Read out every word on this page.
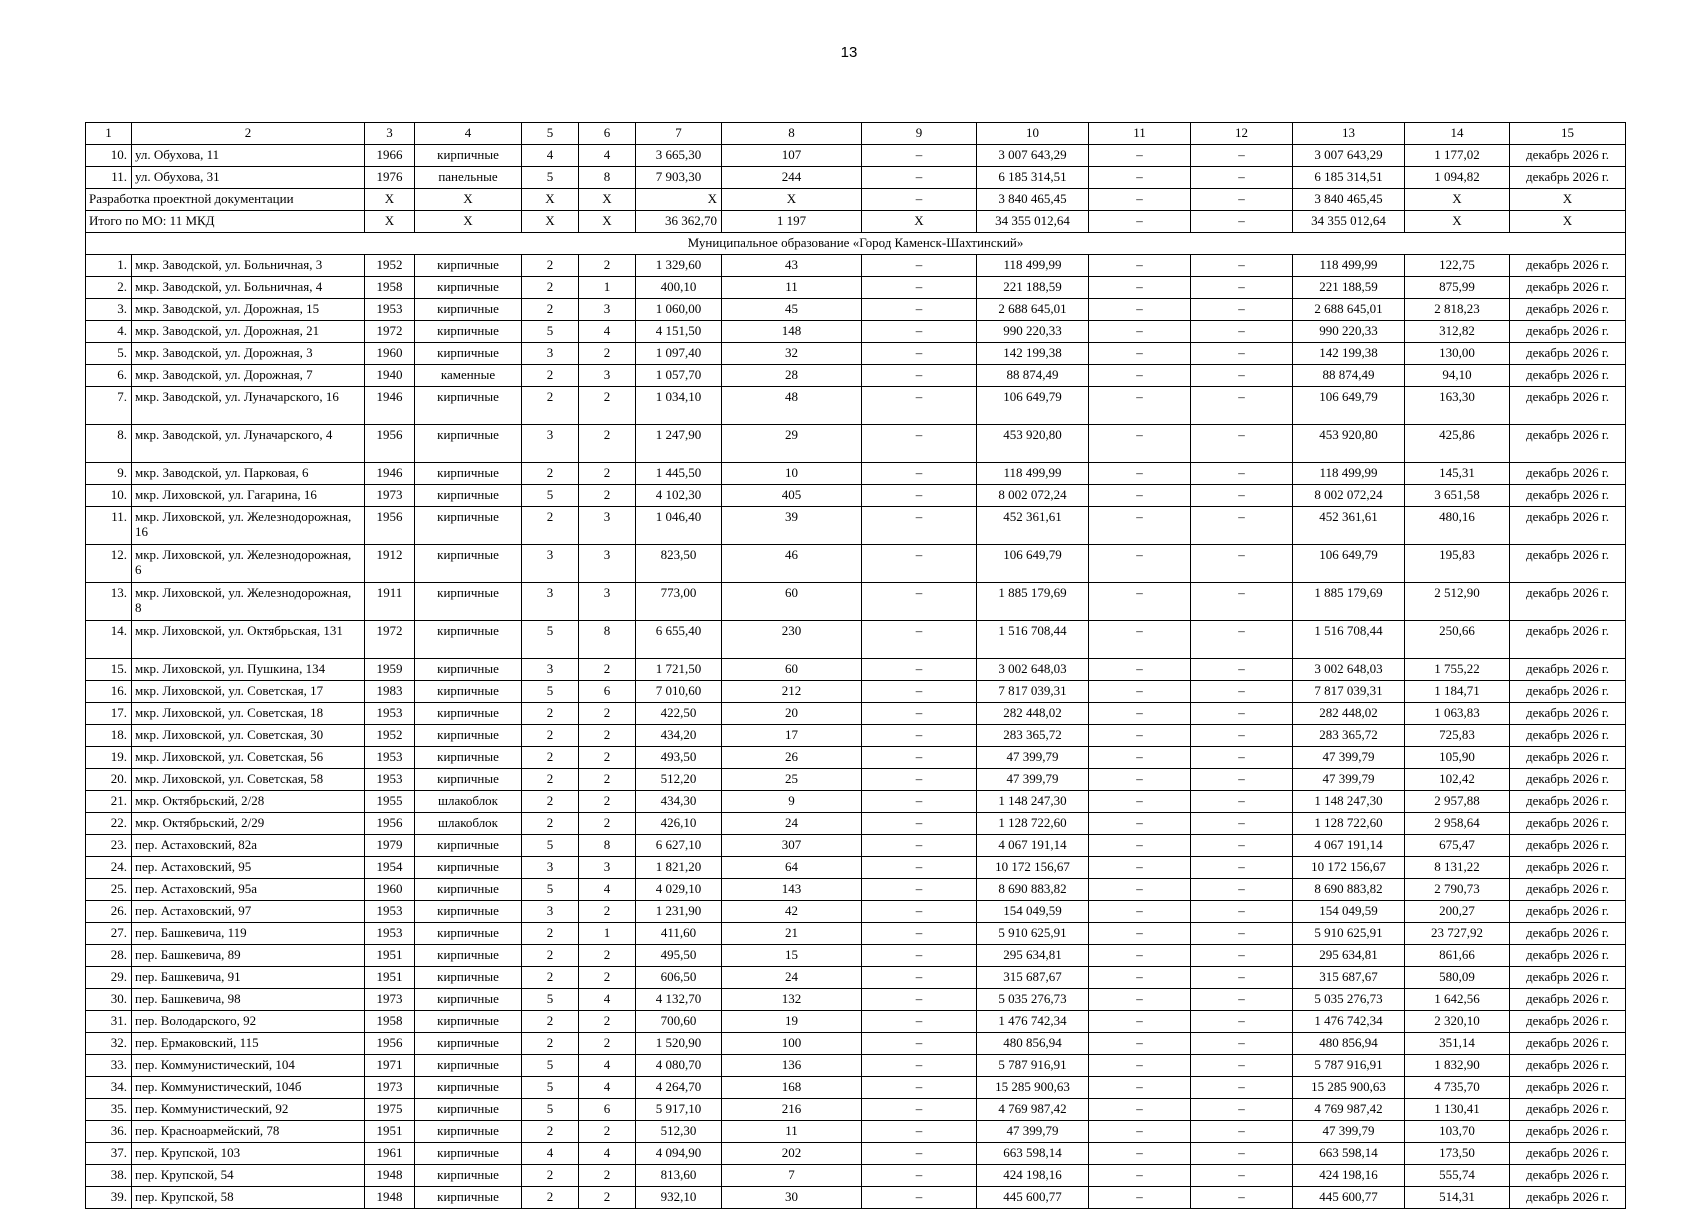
13
1	2	3	4	5	6	7	8	9	10	11	12	13	14	15
10.	ул. Обухова, 11	1966	кирпичные	4	4	3 665,30	107	–	3 007 643,29	–	–	3 007 643,29	1 177,02	декабрь 2026 г.
11.	ул. Обухова, 31	1976	панельные	5	8	7 903,30	244	–	6 185 314,51	–	–	6 185 314,51	1 094,82	декабрь 2026 г.
Разработка проектной документации		X	X	X	X	X	X	–	3 840 465,45	–	–	3 840 465,45	X	X
Итого по МО: 11 МКД		X	X	X	X	36 362,70	1 197	X	34 355 012,64	–	–	34 355 012,64	X	X
Муниципальное образование «Город Каменск-Шахтинский»														
1.	мкр. Заводской, ул. Больничная, 3	1952	кирпичные	2	2	1 329,60	43	–	118 499,99	–	–	118 499,99	122,75	декабрь 2026 г.
2.	мкр. Заводской, ул. Больничная, 4	1958	кирпичные	2	1	400,10	11	–	221 188,59	–	–	221 188,59	875,99	декабрь 2026 г.
3.	мкр. Заводской, ул. Дорожная, 15	1953	кирпичные	2	3	1 060,00	45	–	2 688 645,01	–	–	2 688 645,01	2 818,23	декабрь 2026 г.
4.	мкр. Заводской, ул. Дорожная, 21	1972	кирпичные	5	4	4 151,50	148	–	990 220,33	–	–	990 220,33	312,82	декабрь 2026 г.
5.	мкр. Заводской, ул. Дорожная, 3	1960	кирпичные	3	2	1 097,40	32	–	142 199,38	–	–	142 199,38	130,00	декабрь 2026 г.
6.	мкр. Заводской, ул. Дорожная, 7	1940	каменные	2	3	1 057,70	28	–	88 874,49	–	–	88 874,49	94,10	декабрь 2026 г.
7.	мкр. Заводской, ул. Луначарского, 16	1946	кирпичные	2	2	1 034,10	48	–	106 649,79	–	–	106 649,79	163,30	декабрь 2026 г.
8.	мкр. Заводской, ул. Луначарского, 4	1956	кирпичные	3	2	1 247,90	29	–	453 920,80	–	–	453 920,80	425,86	декабрь 2026 г.
9.	мкр. Заводской, ул. Парковая, 6	1946	кирпичные	2	2	1 445,50	10	–	118 499,99	–	–	118 499,99	145,31	декабрь 2026 г.
10.	мкр. Лиховской, ул. Гагарина, 16	1973	кирпичные	5	2	4 102,30	405	–	8 002 072,24	–	–	8 002 072,24	3 651,58	декабрь 2026 г.
11.	мкр. Лиховской, ул. Железнодорожная, 16	1956	кирпичные	2	3	1 046,40	39	–	452 361,61	–	–	452 361,61	480,16	декабрь 2026 г.
12.	мкр. Лиховской, ул. Железнодорожная, 6	1912	кирпичные	3	3	823,50	46	–	106 649,79	–	–	106 649,79	195,83	декабрь 2026 г.
13.	мкр. Лиховской, ул. Железнодорожная, 8	1911	кирпичные	3	3	773,00	60	–	1 885 179,69	–	–	1 885 179,69	2 512,90	декабрь 2026 г.
14.	мкр. Лиховской, ул. Октябрьская, 131	1972	кирпичные	5	8	6 655,40	230	–	1 516 708,44	–	–	1 516 708,44	250,66	декабрь 2026 г.
15.	мкр. Лиховской, ул. Пушкина, 134	1959	кирпичные	3	2	1 721,50	60	–	3 002 648,03	–	–	3 002 648,03	1 755,22	декабрь 2026 г.
16.	мкр. Лиховской, ул. Советская, 17	1983	кирпичные	5	6	7 010,60	212	–	7 817 039,31	–	–	7 817 039,31	1 184,71	декабрь 2026 г.
17.	мкр. Лиховской, ул. Советская, 18	1953	кирпичные	2	2	422,50	20	–	282 448,02	–	–	282 448,02	1 063,83	декабрь 2026 г.
18.	мкр. Лиховской, ул. Советская, 30	1952	кирпичные	2	2	434,20	17	–	283 365,72	–	–	283 365,72	725,83	декабрь 2026 г.
19.	мкр. Лиховской, ул. Советская, 56	1953	кирпичные	2	2	493,50	26	–	47 399,79	–	–	47 399,79	105,90	декабрь 2026 г.
20.	мкр. Лиховской, ул. Советская, 58	1953	кирпичные	2	2	512,20	25	–	47 399,79	–	–	47 399,79	102,42	декабрь 2026 г.
21.	мкр. Октябрьский, 2/28	1955	шлакоблок	2	2	434,30	9	–	1 148 247,30	–	–	1 148 247,30	2 957,88	декабрь 2026 г.
22.	мкр. Октябрьский, 2/29	1956	шлакоблок	2	2	426,10	24	–	1 128 722,60	–	–	1 128 722,60	2 958,64	декабрь 2026 г.
23.	пер. Астаховский, 82а	1979	кирпичные	5	8	6 627,10	307	–	4 067 191,14	–	–	4 067 191,14	675,47	декабрь 2026 г.
24.	пер. Астаховский, 95	1954	кирпичные	3	3	1 821,20	64	–	10 172 156,67	–	–	10 172 156,67	8 131,22	декабрь 2026 г.
25.	пер. Астаховский, 95а	1960	кирпичные	5	4	4 029,10	143	–	8 690 883,82	–	–	8 690 883,82	2 790,73	декабрь 2026 г.
26.	пер. Астаховский, 97	1953	кирпичные	3	2	1 231,90	42	–	154 049,59	–	–	154 049,59	200,27	декабрь 2026 г.
27.	пер. Башкевича, 119	1953	кирпичные	2	1	411,60	21	–	5 910 625,91	–	–	5 910 625,91	23 727,92	декабрь 2026 г.
28.	пер. Башкевича, 89	1951	кирпичные	2	2	495,50	15	–	295 634,81	–	–	295 634,81	861,66	декабрь 2026 г.
29.	пер. Башкевича, 91	1951	кирпичные	2	2	606,50	24	–	315 687,67	–	–	315 687,67	580,09	декабрь 2026 г.
30.	пер. Башкевича, 98	1973	кирпичные	5	4	4 132,70	132	–	5 035 276,73	–	–	5 035 276,73	1 642,56	декабрь 2026 г.
31.	пер. Володарского, 92	1958	кирпичные	2	2	700,60	19	–	1 476 742,34	–	–	1 476 742,34	2 320,10	декабрь 2026 г.
32.	пер. Ермаковский, 115	1956	кирпичные	2	2	1 520,90	100	–	480 856,94	–	–	480 856,94	351,14	декабрь 2026 г.
33.	пер. Коммунистический, 104	1971	кирпичные	5	4	4 080,70	136	–	5 787 916,91	–	–	5 787 916,91	1 832,90	декабрь 2026 г.
34.	пер. Коммунистический, 104б	1973	кирпичные	5	4	4 264,70	168	–	15 285 900,63	–	–	15 285 900,63	4 735,70	декабрь 2026 г.
35.	пер. Коммунистический, 92	1975	кирпичные	5	6	5 917,10	216	–	4 769 987,42	–	–	4 769 987,42	1 130,41	декабрь 2026 г.
36.	пер. Красноармейский, 78	1951	кирпичные	2	2	512,30	11	–	47 399,79	–	–	47 399,79	103,70	декабрь 2026 г.
37.	пер. Крупской, 103	1961	кирпичные	4	4	4 094,90	202	–	663 598,14	–	–	663 598,14	173,50	декабрь 2026 г.
38.	пер. Крупской, 54	1948	кирпичные	2	2	813,60	7	–	424 198,16	–	–	424 198,16	555,74	декабрь 2026 г.
39.	пер. Крупской, 58	1948	кирпичные	2	2	932,10	30	–	445 600,77	–	–	445 600,77	514,31	декабрь 2026 г.
